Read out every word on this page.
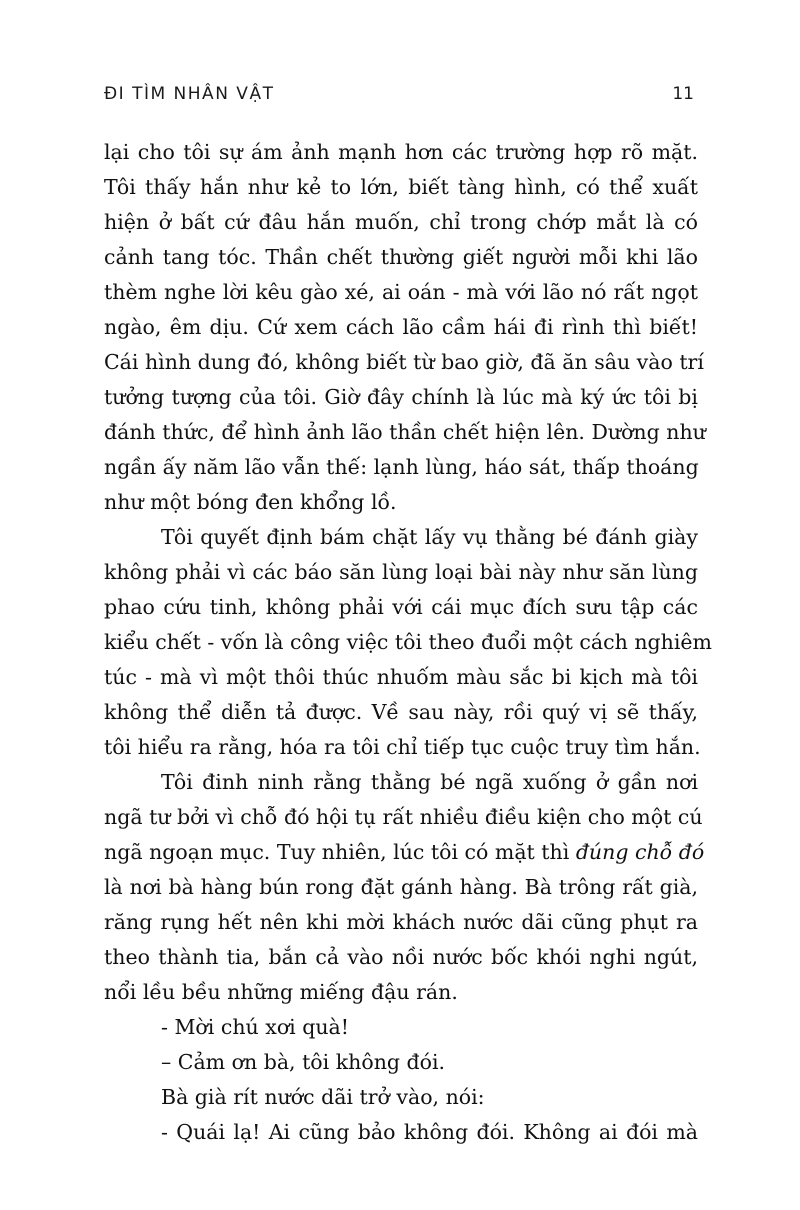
ĐI TÌM NHÂN VẬT	11
lại cho tôi sự ám ảnh mạnh hơn các trường hợp rõ mặt.
Tôi thấy hắn như kẻ to lớn, biết tàng hình, có thể xuất
hiện ở bất cứ đâu hắn muốn, chỉ trong chớp mắt là có
cảnh tang tóc. Thần chết thường giết người mỗi khi lão
thèm nghe lời kêu gào xé, ai oán - mà với lão nó rất ngọt
ngào, êm dịu. Cứ xem cách lão cầm hái đi rình thì biết!
Cái hình dung đó, không biết từ bao giờ, đã ăn sâu vào trí
tưởng tượng của tôi. Giờ đây chính là lúc mà ký ức tôi bị
đánh thức, để hình ảnh lão thần chết hiện lên. Dường như
ngần ấy năm lão vẫn thế: lạnh lùng, háo sát, thấp thoáng
như một bóng đen khổng lồ.
Tôi quyết định bám chặt lấy vụ thằng bé đánh giày
không phải vì các báo săn lùng loại bài này như săn lùng
phao cứu tinh, không phải với cái mục đích sưu tập các
kiểu chết - vốn là công việc tôi theo đuổi một cách nghiêm
túc - mà vì một thôi thúc nhuốm màu sắc bi kịch mà tôi
không thể diễn tả được. Về sau này, rồi quý vị sẽ thấy,
tôi hiểu ra rằng, hóa ra tôi chỉ tiếp tục cuộc truy tìm hắn.
Tôi đinh ninh rằng thằng bé ngã xuống ở gần nơi
ngã tư bởi vì chỗ đó hội tụ rất nhiều điều kiện cho một cú
ngã ngoạn mục. Tuy nhiên, lúc tôi có mặt thì đúng chỗ đó
là nơi bà hàng bún rong đặt gánh hàng. Bà trông rất già,
răng rụng hết nên khi mời khách nước dãi cũng phụt ra
theo thành tia, bắn cả vào nồi nước bốc khói nghi ngút,
nổi lều bều những miếng đậu rán.
- Mời chú xơi quà!
– Cảm ơn bà, tôi không đói.
Bà già rít nước dãi trở vào, nói:
- Quái lạ! Ai cũng bảo không đói. Không ai đói mà
